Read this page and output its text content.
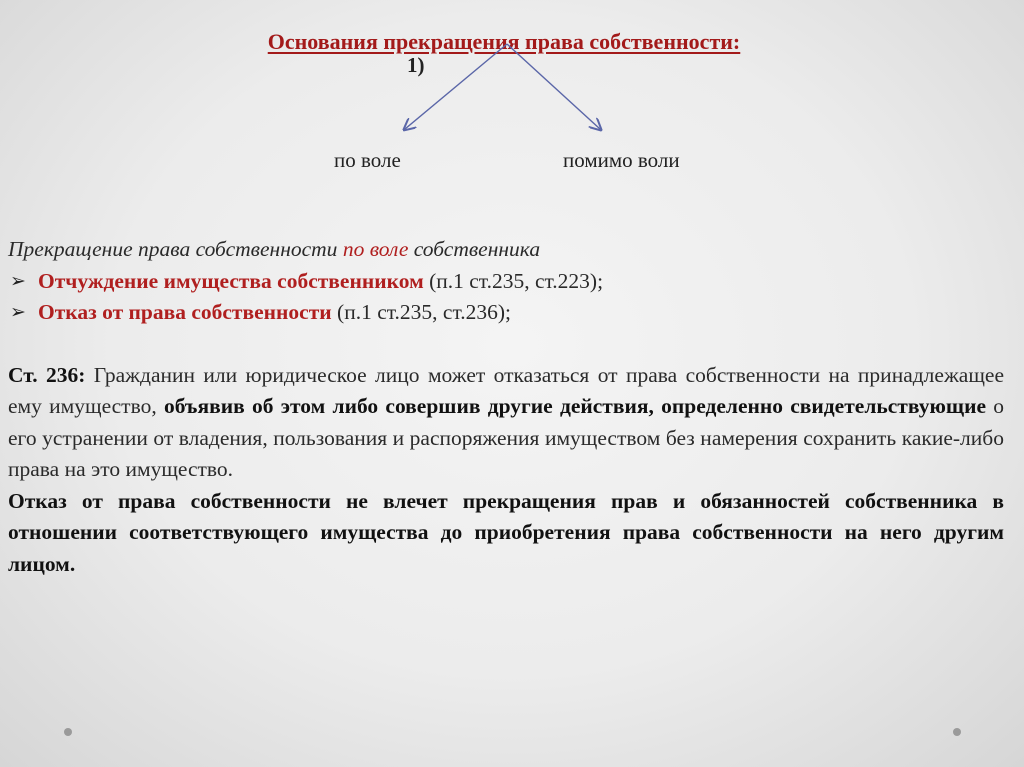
Основания прекращения права собственности:
1)
по воле	помимо воли
Прекращение права собственности по воле собственника
➢ Отчуждение имущества собственником (п.1 ст.235, ст.223);
➢ Отказ от права собственности (п.1 ст.235, ст.236);
Ст. 236: Гражданин или юридическое лицо может отказаться от права собственности на принадлежащее ему имущество, объявив об этом либо совершив другие действия, определенно свидетельствующие о его устранении от владения, пользования и распоряжения имуществом без намерения сохранить какие-либо права на это имущество.
Отказ от права собственности не влечет прекращения прав и обязанностей собственника в отношении соответствующего имущества до приобретения права собственности на него другим лицом.
